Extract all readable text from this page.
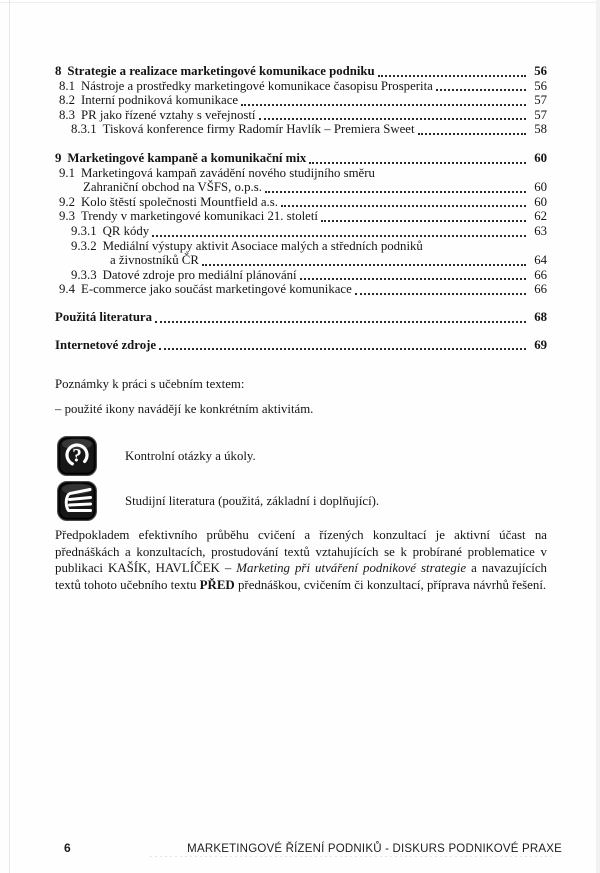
8 Strategie a realizace marketingové komunikace podniku	56
8.1 Nástroje a prostředky marketingové komunikace časopisu Prosperita	56
8.2 Interní podniková komunikace	57
8.3 PR jako řízené vztahy s veřejností	57
8.3.1 Tisková konference firmy Radomír Havlík – Premiera Sweet	58
9 Marketingové kampaně a komunikační mix	60
9.1 Marketingová kampaň zavádění nového studijního směru
Zahraniční obchod na VŠFS, o.p.s.	60
9.2 Kolo štěstí společnosti Mountfield a.s.	60
9.3 Trendy v marketingové komunikaci 21. století	62
9.3.1 QR kódy	63
9.3.2 Mediální výstupy aktivit Asociace malých a středních podniků
a živnostníků ČR	64
9.3.3 Datové zdroje pro mediální plánování	66
9.4 E-commerce jako součást marketingové komunikace	66
Použitá literatura	68
Internetové zdroje	69
Poznámky k práci s učebním textem:
– použité ikony navádějí ke konkrétním aktivitám.
?	Kontrolní otázky a úkoly.
Studijní literatura (použitá, základní i doplňující).
Předpokladem efektivního průběhu cvičení a řízených konzultací je aktivní účast na přednáškách a konzultacích, prostudování textů vztahujících se k probírané problematice v publikaci KAŠÍK, HAVLÍČEK – Marketing při utváření podnikové strategie a navazujících textů tohoto učebního textu PŘED přednáškou, cvičením či konzultací, příprava návrhů řešení.
6	MARKETINGOVÉ ŘÍZENÍ PODNIKŮ - DISKURS PODNIKOVÉ PRAXE
